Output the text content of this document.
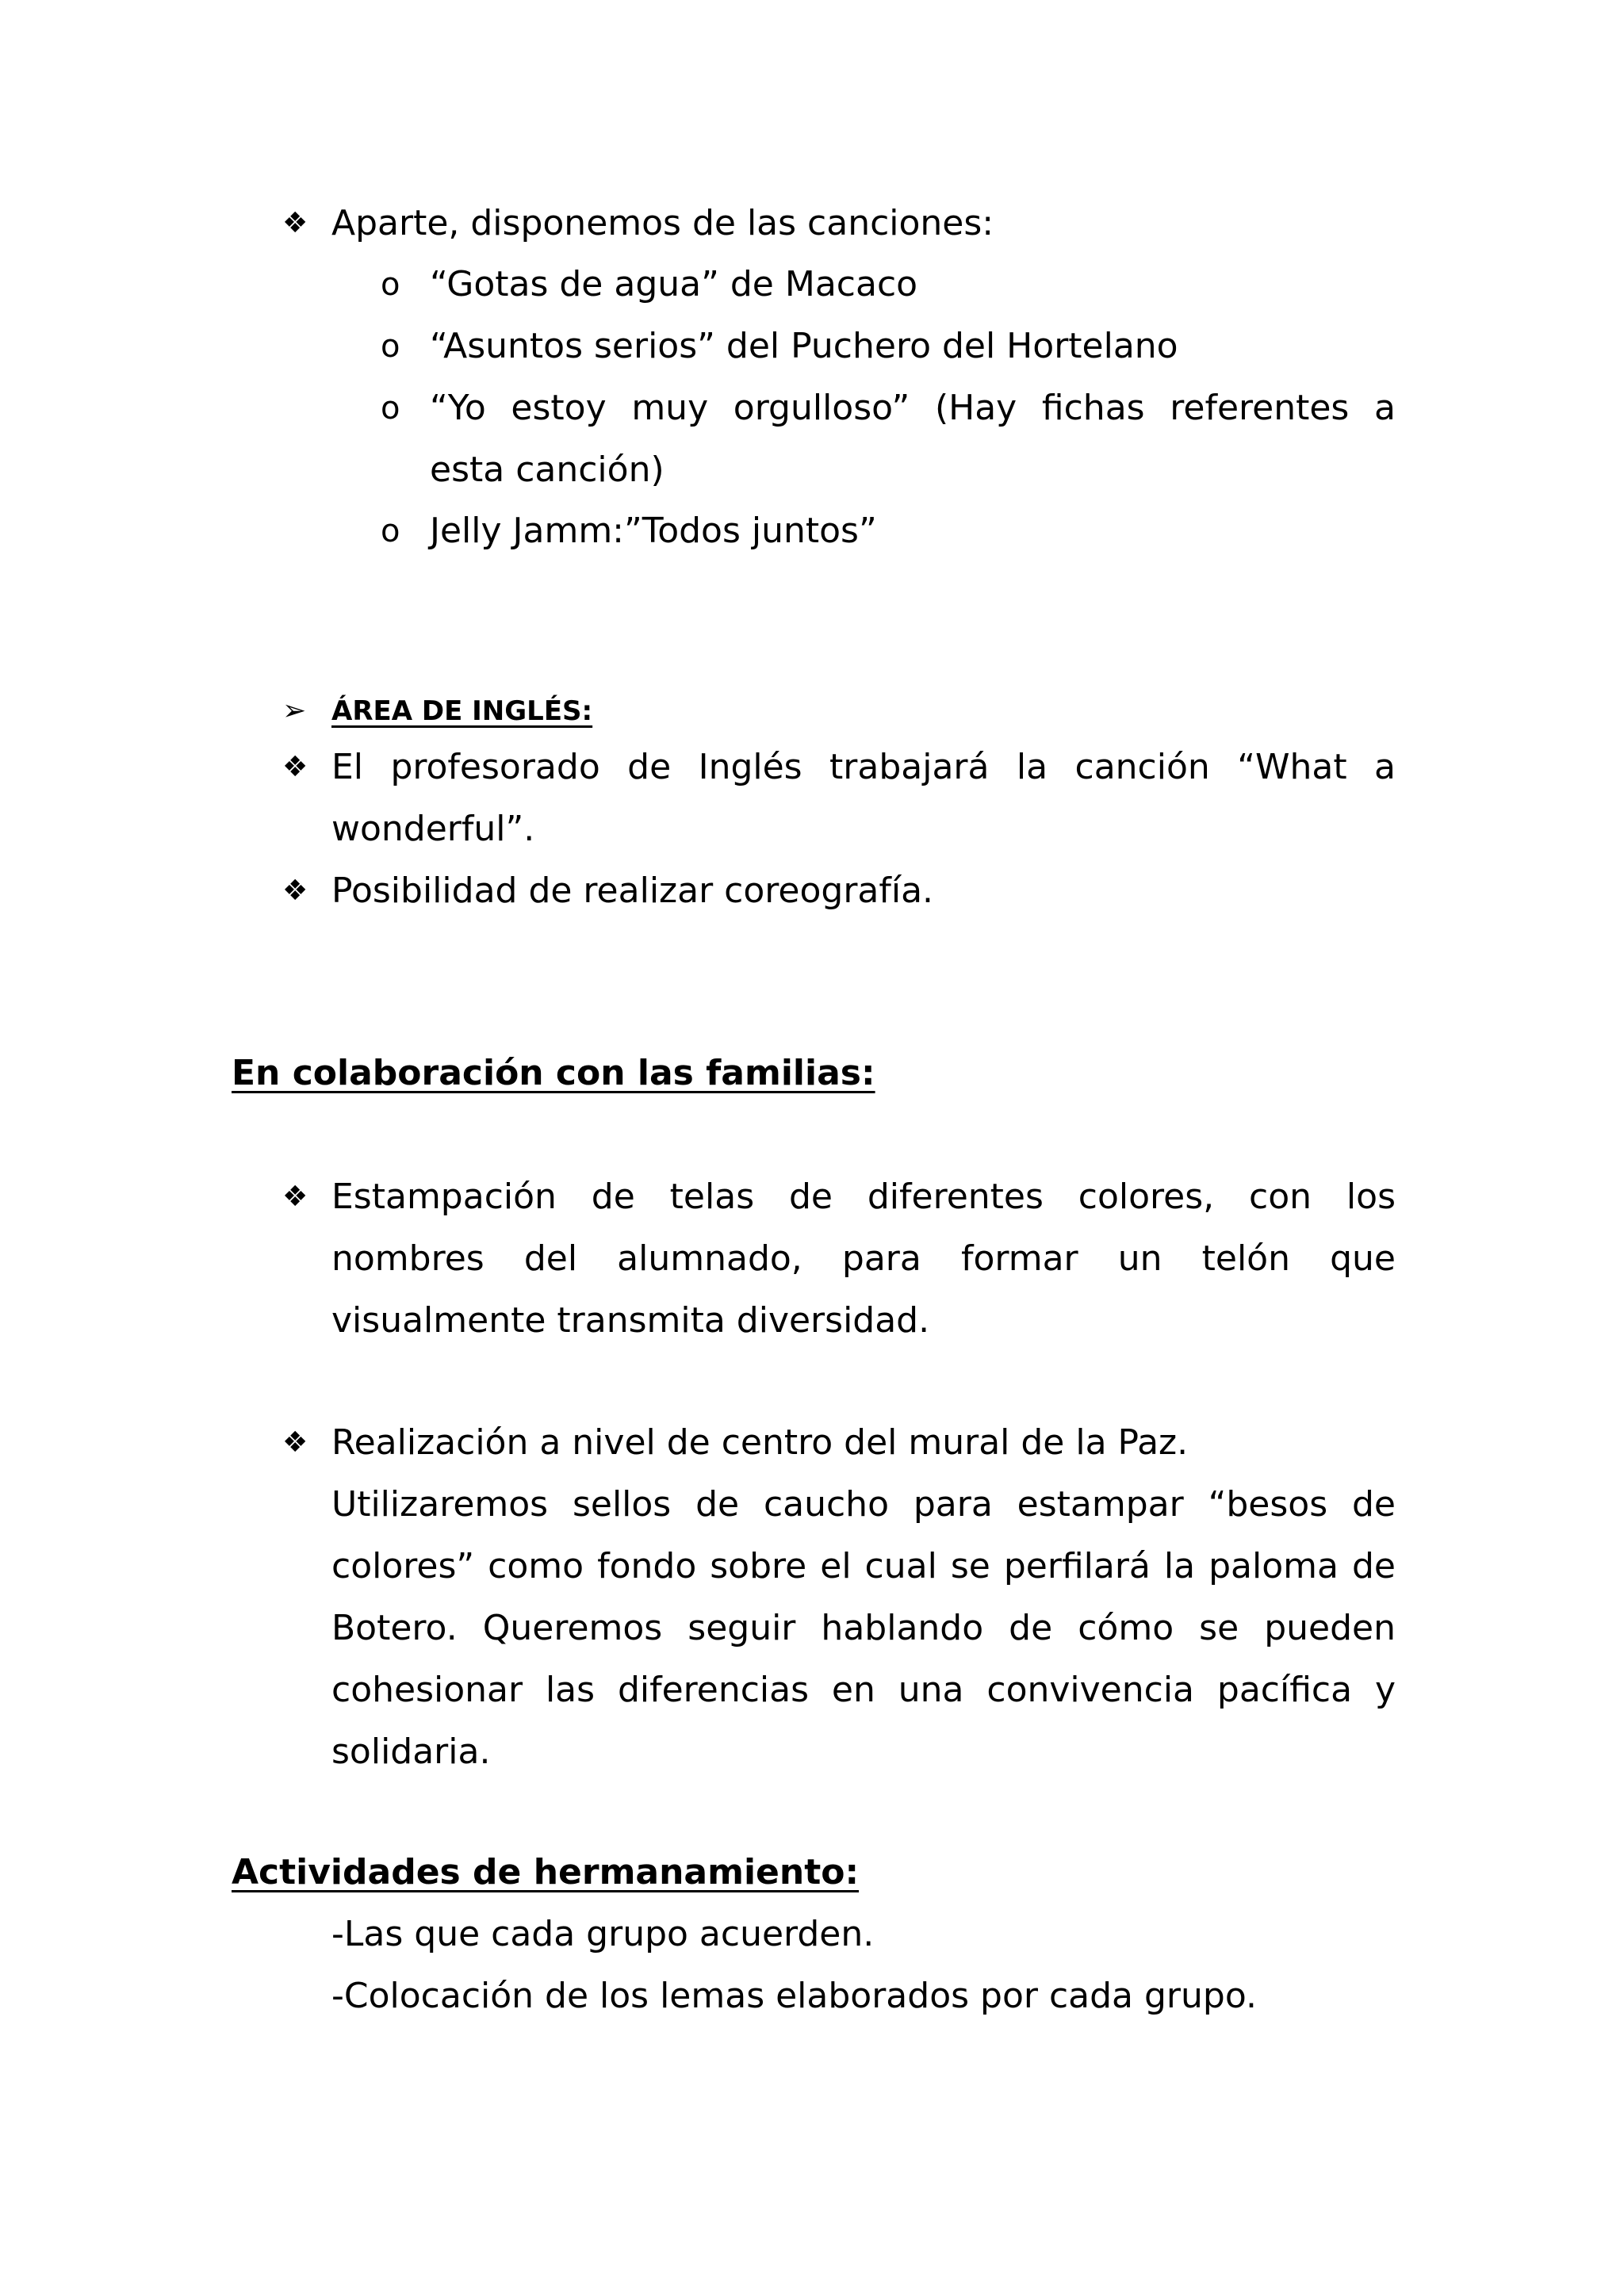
❖ Aparte, disponemos de las canciones:
o “Gotas de agua” de Macaco
o “Asuntos serios” del Puchero del Hortelano
o “Yo estoy muy orgulloso” (Hay fichas referentes a
esta canción)
o Jelly Jamm:”Todos juntos”
➢ ÁREA DE INGLÉS:
❖ El profesorado de Inglés trabajará la canción “What a
wonderful”.
❖ Posibilidad de realizar coreografía.
En colaboración con las familias:
❖ Estampación de telas de diferentes colores, con los
nombres del alumnado, para formar un telón que
visualmente transmita diversidad.
❖ Realización a nivel de centro del mural de la Paz.
Utilizaremos sellos de caucho para estampar “besos de
colores” como fondo sobre el cual se perfilará la paloma de
Botero. Queremos seguir hablando de cómo se pueden
cohesionar las diferencias en una convivencia pacífica y
solidaria.
Actividades de hermanamiento:
-Las que cada grupo acuerden.
-Colocación de los lemas elaborados por cada grupo.
